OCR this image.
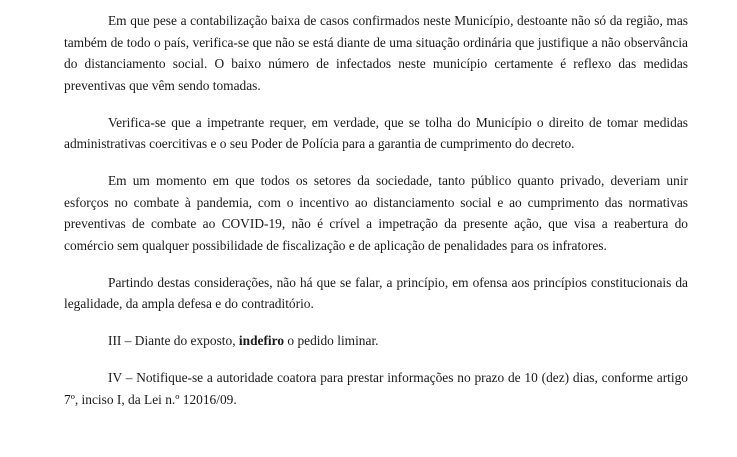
Em que pese a contabilização baixa de casos confirmados neste Município, destoante não só da região, mas também de todo o país, verifica-se que não se está diante de uma situação ordinária que justifique a não observância do distanciamento social. O baixo número de infectados neste município certamente é reflexo das medidas preventivas que vêm sendo tomadas.

Verifica-se que a impetrante requer, em verdade, que se tolha do Município o direito de tomar medidas administrativas coercitivas e o seu Poder de Polícia para a garantia de cumprimento do decreto.

Em um momento em que todos os setores da sociedade, tanto público quanto privado, deveriam unir esforços no combate à pandemia, com o incentivo ao distanciamento social e ao cumprimento das normativas preventivas de combate ao COVID-19, não é crível a impetração da presente ação, que visa a reabertura do comércio sem qualquer possibilidade de fiscalização e de aplicação de penalidades para os infratores.

Partindo destas considerações, não há que se falar, a princípio, em ofensa aos princípios constitucionais da legalidade, da ampla defesa e do contraditório.

III – Diante do exposto, indefiro o pedido liminar.

IV – Notifique-se a autoridade coatora para prestar informações no prazo de 10 (dez) dias, conforme artigo 7º, inciso I, da Lei n.º 12016/09.
